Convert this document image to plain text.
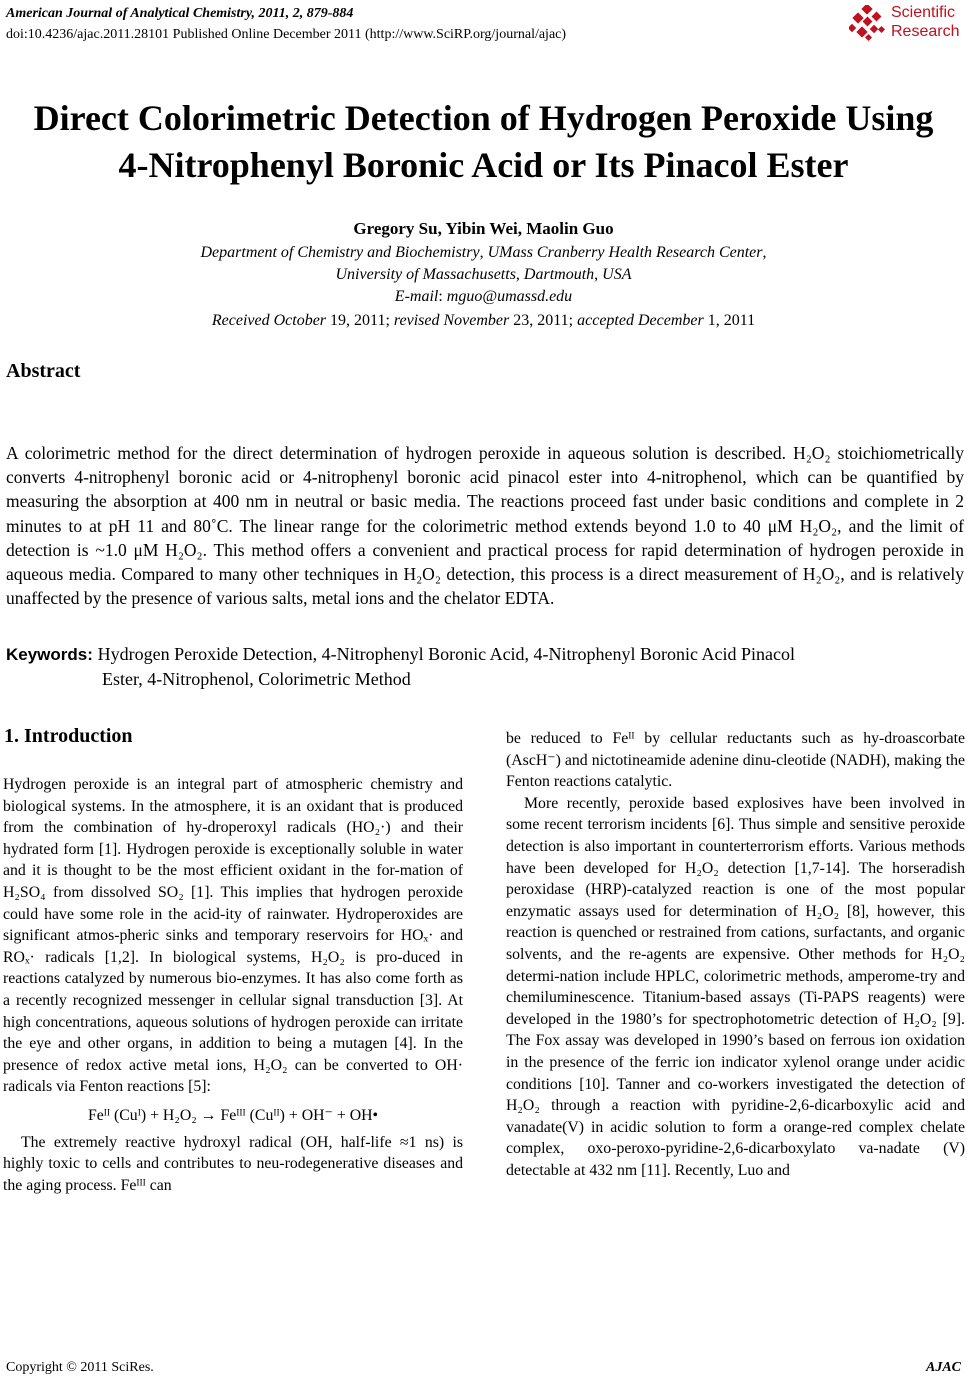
American Journal of Analytical Chemistry, 2011, 2, 879-884
doi:10.4236/ajac.2011.28101 Published Online December 2011 (http://www.SciRP.org/journal/ajac)
Scientific
Research
Direct Colorimetric Detection of Hydrogen Peroxide Using
4-Nitrophenyl Boronic Acid or Its Pinacol Ester
Gregory Su, Yibin Wei, Maolin Guo
Department of Chemistry and Biochemistry, UMass Cranberry Health Research Center,
University of Massachusetts, Dartmouth, USA
E-mail: mguo@umassd.edu
Received October 19, 2011; revised November 23, 2011; accepted December 1, 2011
Abstract
A colorimetric method for the direct determination of hydrogen peroxide in aqueous solution is described. H₂O₂ stoichiometrically converts 4-nitrophenyl boronic acid or 4-nitrophenyl boronic acid pinacol ester into 4-nitrophenol, which can be quantified by measuring the absorption at 400 nm in neutral or basic media. The reactions proceed fast under basic conditions and complete in 2 minutes to at pH 11 and 80˚C. The linear range for the colorimetric method extends beyond 1.0 to 40 μM H₂O₂, and the limit of detection is ~1.0 μM H₂O₂. This method offers a convenient and practical process for rapid determination of hydrogen peroxide in aqueous media. Compared to many other techniques in H₂O₂ detection, this process is a direct measurement of H₂O₂, and is relatively unaffected by the presence of various salts, metal ions and the chelator EDTA.
Keywords: Hydrogen Peroxide Detection, 4-Nitrophenyl Boronic Acid, 4-Nitrophenyl Boronic Acid Pinacol
Ester, 4-Nitrophenol, Colorimetric Method
1. Introduction

Hydrogen peroxide is an integral part of atmospheric chemistry and biological systems. In the atmosphere, it is an oxidant that is produced from the combination of hy-droperoxyl radicals (HO₂·) and their hydrated form [1]. Hydrogen peroxide is exceptionally soluble in water and it is thought to be the most efficient oxidant in the for-mation of H₂SO₄ from dissolved SO₂ [1]. This implies that hydrogen peroxide could have some role in the acid-ity of rainwater. Hydroperoxides are significant atmos-pheric sinks and temporary reservoirs for HOₓ· and ROₓ· radicals [1,2]. In biological systems, H₂O₂ is pro-duced in reactions catalyzed by numerous bio-enzymes. It has also come forth as a recently recognized messenger in cellular signal transduction [3]. At high concentrations, aqueous solutions of hydrogen peroxide can irritate the eye and other organs, in addition to being a mutagen [4]. In the presence of redox active metal ions, H₂O₂ can be converted to OH· radicals via Fenton reactions [5]:

Feᴵᴵ (Cuᴵ) + H₂O₂ → Feᴵᴵᴵ (Cuᴵᴵ) + OH⁻ + OH•

The extremely reactive hydroxyl radical (OH, half-life ≈1 ns) is highly toxic to cells and contributes to neu-rodegenerative diseases and the aging process. Feᴵᴵᴵ can

be reduced to Feᴵᴵ by cellular reductants such as hy-droascorbate (AscH⁻) and nictotineamide adenine dinu-cleotide (NADH), making the Fenton reactions catalytic.

More recently, peroxide based explosives have been involved in some recent terrorism incidents [6]. Thus simple and sensitive peroxide detection is also important in counterterrorism efforts. Various methods have been developed for H₂O₂ detection [1,7-14]. The horseradish peroxidase (HRP)-catalyzed reaction is one of the most popular enzymatic assays used for determination of H₂O₂ [8], however, this reaction is quenched or restrained from cations, surfactants, and organic solvents, and the re-agents are expensive. Other methods for H₂O₂ determi-nation include HPLC, colorimetric methods, amperome-try and chemiluminescence. Titanium-based assays (Ti-PAPS reagents) were developed in the 1980’s for spectrophotometric detection of H₂O₂ [9]. The Fox assay was developed in 1990’s based on ferrous ion oxidation in the presence of the ferric ion indicator xylenol orange under acidic conditions [10]. Tanner and co-workers investigated the detection of H₂O₂ through a reaction with pyridine-2,6-dicarboxylic acid and vanadate(V) in acidic solution to form a orange-red complex chelate complex, oxo-peroxo-pyridine-2,6-dicarboxylato va-nadate (V) detectable at 432 nm [11]. Recently, Luo and

Copyright © 2011 SciRes.	AJAC
